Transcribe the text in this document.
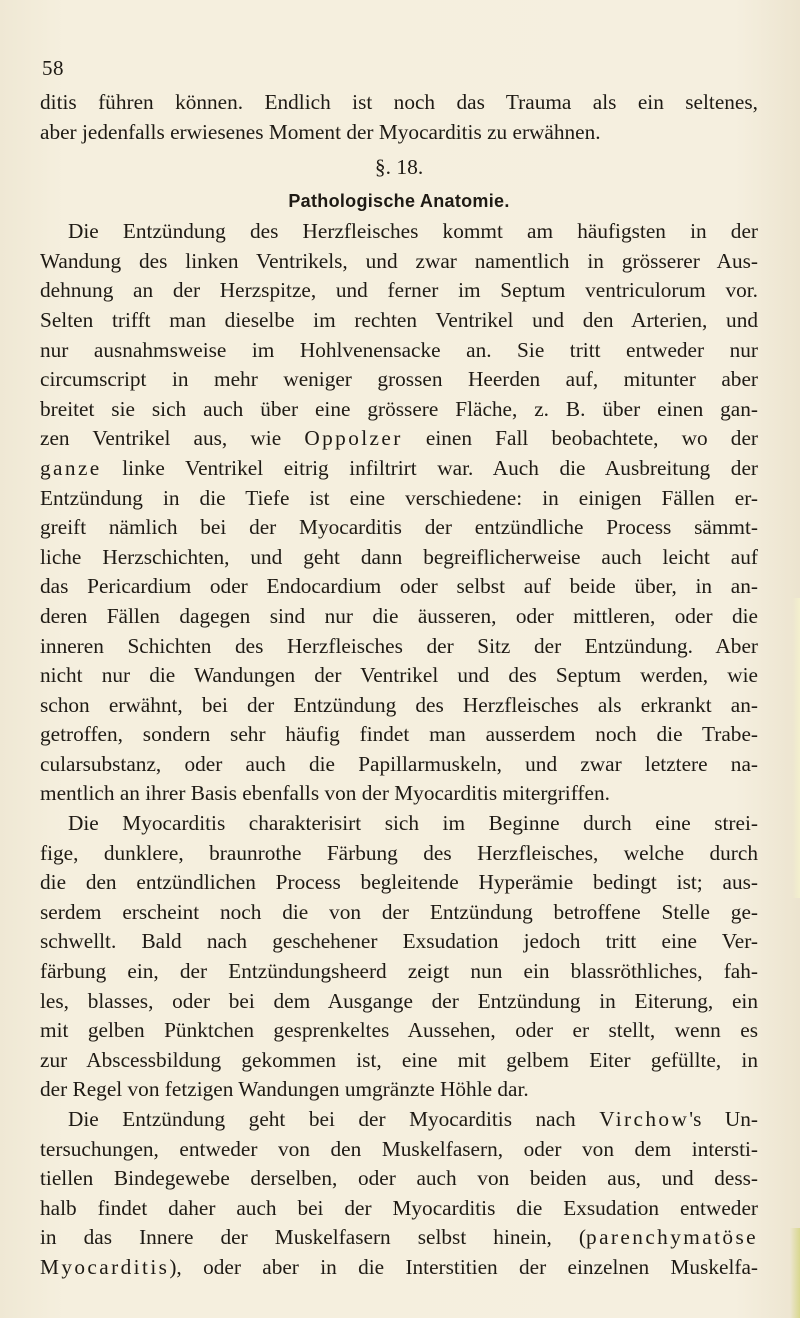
58
ditis führen können. Endlich ist noch das Trauma als ein seltenes,
aber jedenfalls erwiesenes Moment der Myocarditis zu erwähnen.
§. 18.
Pathologische Anatomie.
Die Entzündung des Herzfleisches kommt am häufigsten in der
Wandung des linken Ventrikels, und zwar namentlich in grösserer Aus-
dehnung an der Herzspitze, und ferner im Septum ventriculorum vor.
Selten trifft man dieselbe im rechten Ventrikel und den Arterien, und
nur ausnahmsweise im Hohlvenensacke an. Sie tritt entweder nur
circumscript in mehr weniger grossen Heerden auf, mitunter aber
breitet sie sich auch über eine grössere Fläche, z. B. über einen gan-
zen Ventrikel aus, wie Oppolzer einen Fall beobachtete, wo der
ganze linke Ventrikel eitrig infiltrirt war. Auch die Ausbreitung der
Entzündung in die Tiefe ist eine verschiedene: in einigen Fällen er-
greift nämlich bei der Myocarditis der entzündliche Process sämmt-
liche Herzschichten, und geht dann begreiflicherweise auch leicht auf
das Pericardium oder Endocardium oder selbst auf beide über, in an-
deren Fällen dagegen sind nur die äusseren, oder mittleren, oder die
inneren Schichten des Herzfleisches der Sitz der Entzündung. Aber
nicht nur die Wandungen der Ventrikel und des Septum werden, wie
schon erwähnt, bei der Entzündung des Herzfleisches als erkrankt an-
getroffen, sondern sehr häufig findet man ausserdem noch die Trabe-
cularsubstanz, oder auch die Papillarmuskeln, und zwar letztere na-
mentlich an ihrer Basis ebenfalls von der Myocarditis mitergriffen.
Die Myocarditis charakterisirt sich im Beginne durch eine strei-
fige, dunklere, braunrothe Färbung des Herzfleisches, welche durch
die den entzündlichen Process begleitende Hyperämie bedingt ist; aus-
serdem erscheint noch die von der Entzündung betroffene Stelle ge-
schwellt. Bald nach geschehener Exsudation jedoch tritt eine Ver-
färbung ein, der Entzündungsheerd zeigt nun ein blassröthliches, fah-
les, blasses, oder bei dem Ausgange der Entzündung in Eiterung, ein
mit gelben Pünktchen gesprenkeltes Aussehen, oder er stellt, wenn es
zur Abscessbildung gekommen ist, eine mit gelbem Eiter gefüllte, in
der Regel von fetzigen Wandungen umgränzte Höhle dar.
Die Entzündung geht bei der Myocarditis nach Virchow's Un-
tersuchungen, entweder von den Muskelfasern, oder von dem intersti-
tiellen Bindegewebe derselben, oder auch von beiden aus, und dess-
halb findet daher auch bei der Myocarditis die Exsudation entweder
in das Innere der Muskelfasern selbst hinein, (parenchymatöse
Myocarditis), oder aber in die Interstitien der einzelnen Muskelfa-
